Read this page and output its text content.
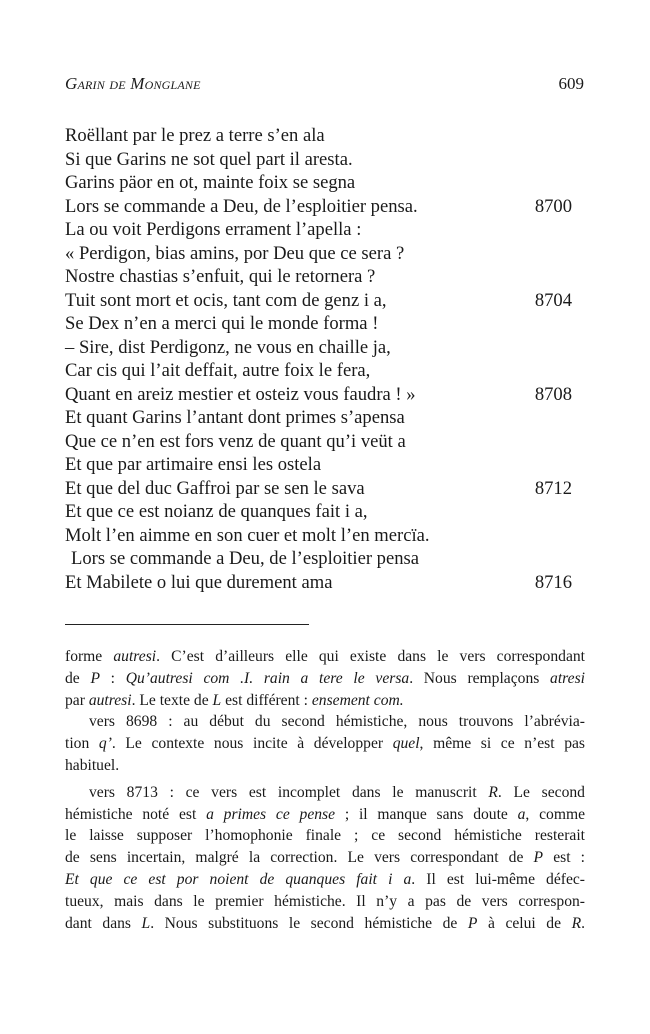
Garin de Monglane	609
Roëllant par le prez a terre s’en ala
Si que Garins ne sot quel part il aresta.
Garins päor en ot, mainte foix se segna
Lors se commande a Deu, de l’esploitier pensa.	8700
La ou voit Perdigons errament l’apella :
« Perdigon, bias amins, por Deu que ce sera ?
Nostre chastias s’enfuit, qui le retornera ?
Tuit sont mort et ocis, tant com de genz i a,	8704
Se Dex n’en a merci qui le monde forma !
– Sire, dist Perdigonz, ne vous en chaille ja,
Car cis qui l’ait deffait, autre foix le fera,
Quant en areiz mestier et osteiz vous faudra ! »	8708
Et quant Garins l’antant dont primes s’apensa
Que ce n’en est fors venz de quant qu’i veüt a
Et que par artimaire ensi les ostela
Et que del duc Gaffroi par se sen le sava	8712
Et que ce est noianz de quanques fait i a,
Molt l’en aimme en son cuer et molt l’en mercïa.
Lors se commande a Deu, de l’esploitier pensa
Et Mabilete o lui que durement ama	8716

forme autresi. C’est d’ailleurs elle qui existe dans le vers correspondant
de P : Qu’autresi com .I. rain a tere le versa. Nous remplaçons atresi
par autresi. Le texte de L est différent : ensement com.

vers 8698 : au début du second hémistiche, nous trouvons l’abrévia-
tion q’. Le contexte nous incite à développer quel, même si ce n’est pas
habituel.

vers 8713 : ce vers est incomplet dans le manuscrit R. Le second
hémistiche noté est a primes ce pense ; il manque sans doute a, comme
le laisse supposer l’homophonie finale ; ce second hémistiche resterait
de sens incertain, malgré la correction. Le vers correspondant de P est :
Et que ce est por noient de quanques fait i a. Il est lui-même défec-
tueux, mais dans le premier hémistiche. Il n’y a pas de vers correspon-
dant dans L. Nous substituons le second hémistiche de P à celui de R.
